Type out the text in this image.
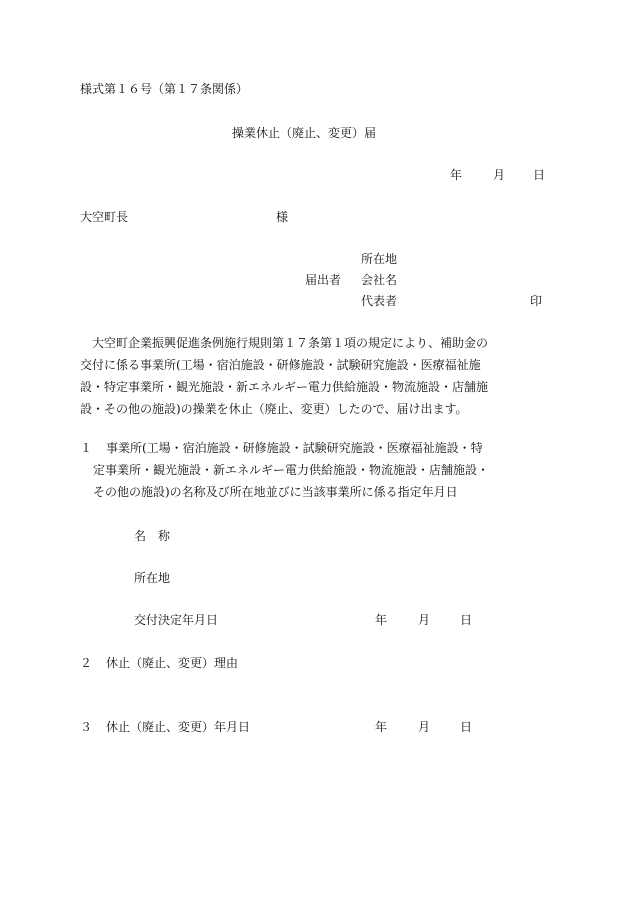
様式第１６号（第１７条関係）
操業休止（廃止、変更）届
年	月 日
大空町長	様
所在地
届出者 会社名
代表者	印
　大空町企業振興促進条例施行規則第１７条第１項の規定により、補助金の
交付に係る事業所(工場・宿泊施設・研修施設・試験研究施設・医療福祉施
設・特定事業所・観光施設・新エネルギー電力供給施設・物流施設・店舗施
設・その他の施設)の操業を休止（廃止、変更）したので、届け出ます。
１ 事業所(工場・宿泊施設・研修施設・試験研究施設・医療福祉施設・特
定事業所・観光施設・新エネルギー電力供給施設・物流施設・店舗施設・
その他の施設)の名称及び所在地並びに当該事業所に係る指定年月日
名　称
所在地
交付決定年月日	年	月 日
２ 休止（廃止、変更）理由
３ 休止（廃止、変更）年月日	年	月 日
